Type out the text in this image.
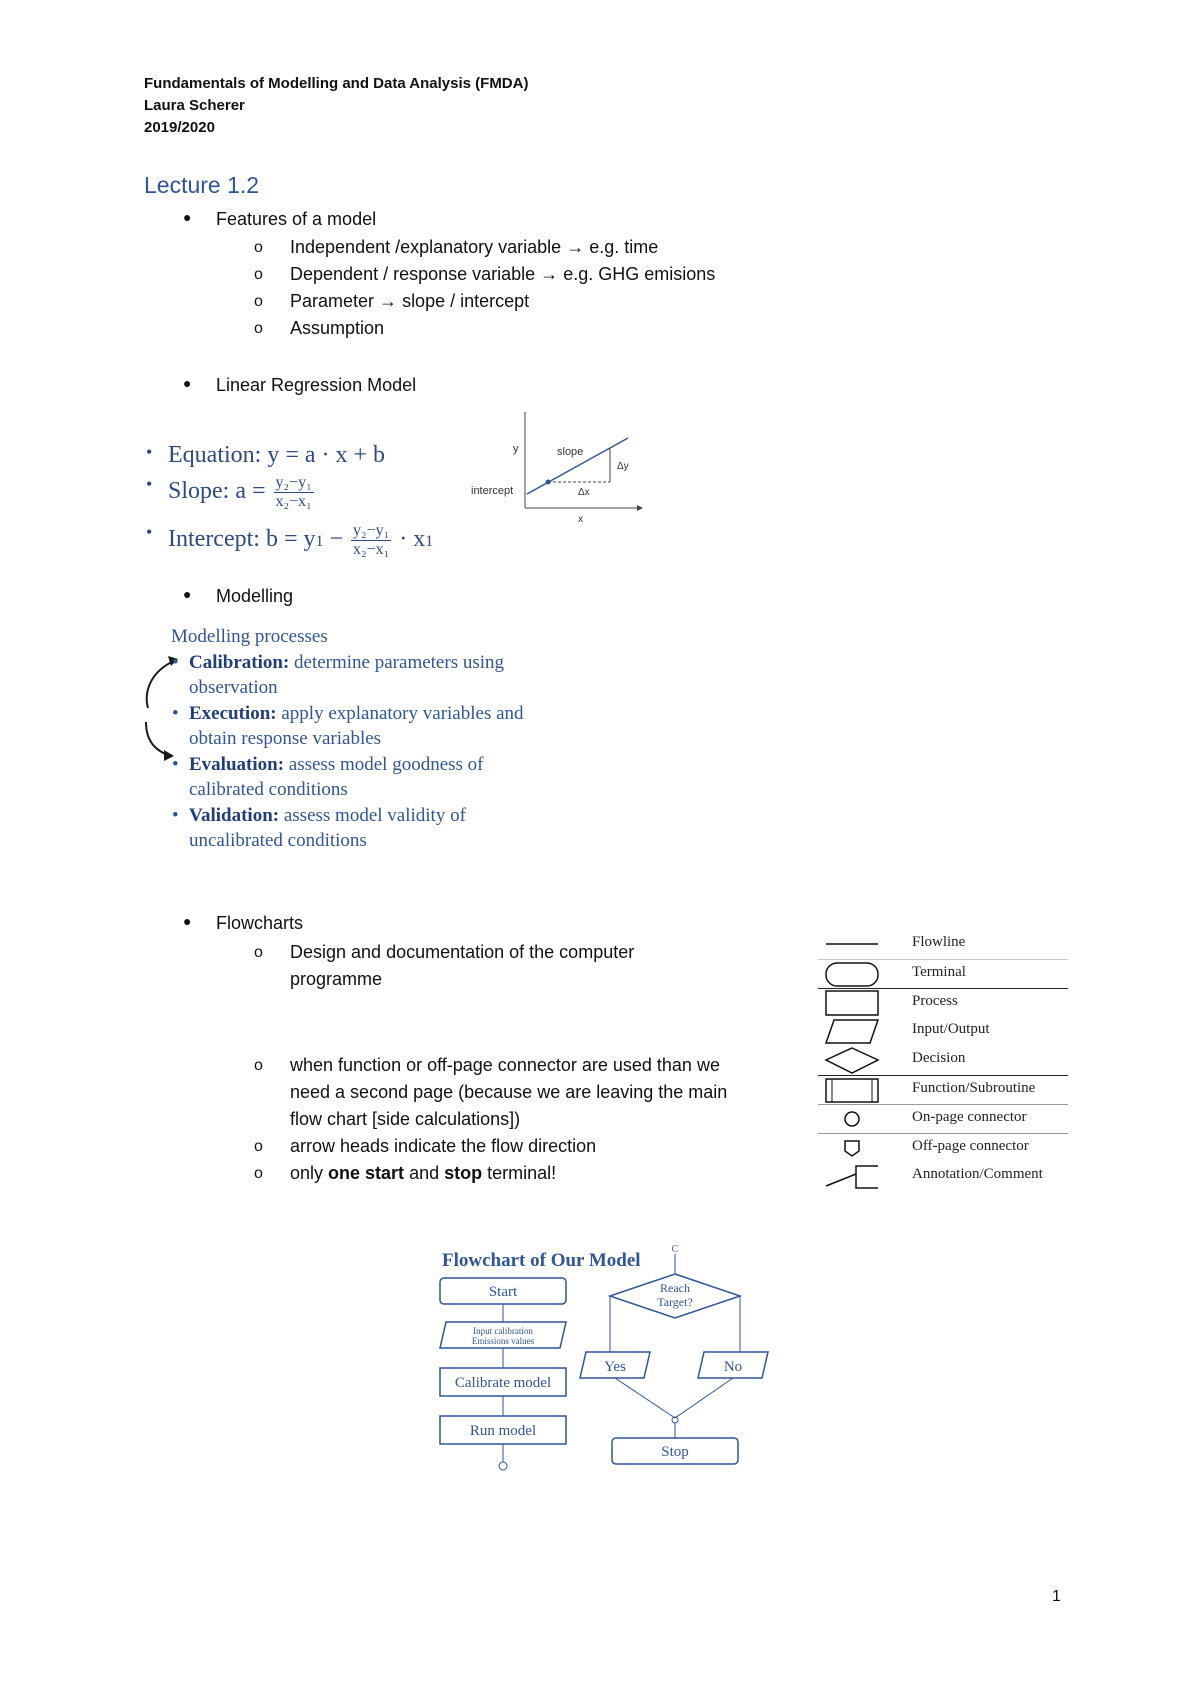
Fundamentals of Modelling and Data Analysis (FMDA)
Laura Scherer
2019/2020
Lecture 1.2
● Features of a model
o Independent /explanatory variable → e.g. time
o Dependent / response variable → e.g. GHG emisions
o Parameter → slope / intercept
o Assumption
● Linear Regression Model
• Equation: y = a · x + b
• Slope: $a = \frac{\text{y₂−y₁}}{\text{x₂−x₁}}$
• Intercept: $b = y1 - \frac{\text{y₂−y₁}}{\text{x₂−x₁}} \cdot x1$
y	slope
intercept
Δy
Δx
x
● Modelling
Modelling processes
• Calibration: determine parameters using
observation
• Execution: apply explanatory variables and
obtain response variables
• Evaluation: assess model goodness of
calibrated conditions
• Validation: assess model validity of
uncalibrated conditions
● Flowcharts
o Design and documentation of the computer
programme
o when function or off-page connector are used than we
need a second page (because we are leaving the main
flow chart [side calculations])
o arrow heads indicate the flow direction
o only one start and stop terminal!
Flowline
Terminal
Process
Input/Output
Decision
Function/Subroutine
On-page connector
Off-page connector
Annotation/Comment
Flowchart of Our Model
Start
Input calibration
Emissions values
Calibrate model
Run model
C
Reach
Target?
Yes	No
Stop
1
